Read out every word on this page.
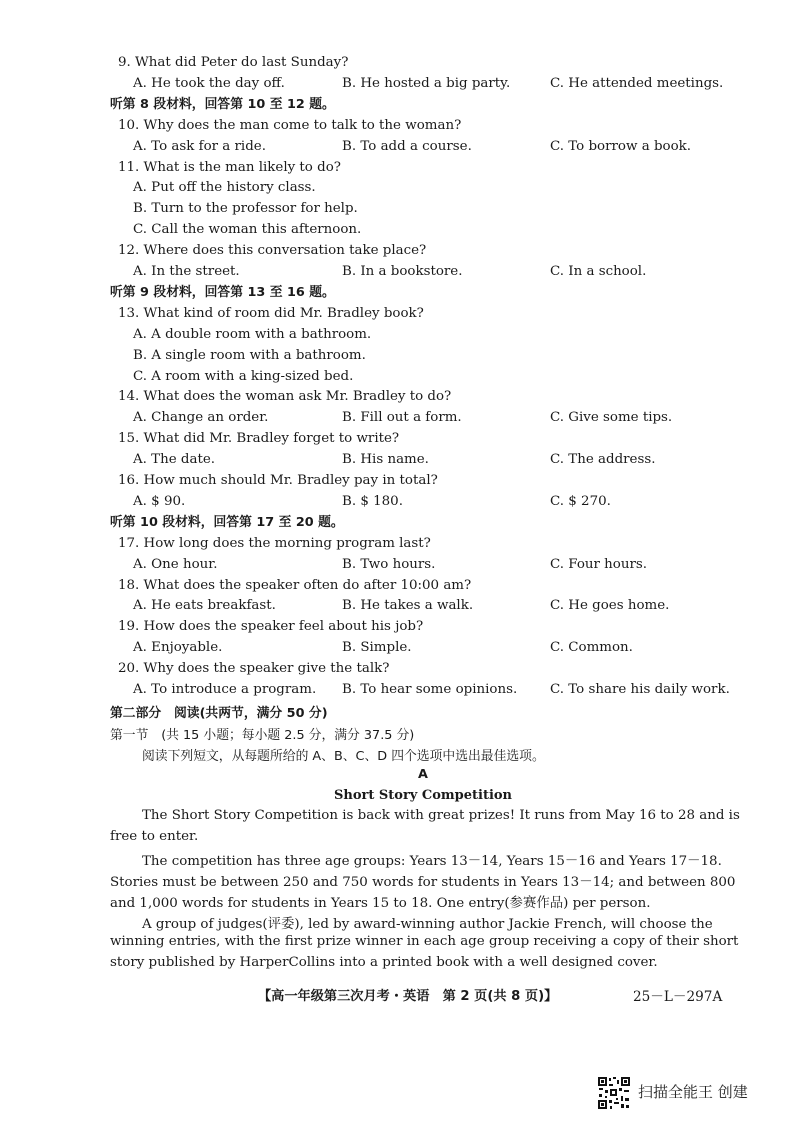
9. What did Peter do last Sunday?
A. He took the day off.	B. He hosted a big party.	C. He attended meetings.
听第 8 段材料，回答第 10 至 12 题。
10. Why does the man come to talk to the woman?
A. To ask for a ride.	B. To add a course.	C. To borrow a book.
11. What is the man likely to do?
A. Put off the history class.
B. Turn to the professor for help.
C. Call the woman this afternoon.
12. Where does this conversation take place?
A. In the street.	B. In a bookstore.	C. In a school.
听第 9 段材料，回答第 13 至 16 题。
13. What kind of room did Mr. Bradley book?
A. A double room with a bathroom.
B. A single room with a bathroom.
C. A room with a king-sized bed.
14. What does the woman ask Mr. Bradley to do?
A. Change an order.	B. Fill out a form.	C. Give some tips.
15. What did Mr. Bradley forget to write?
A. The date.	B. His name.	C. The address.
16. How much should Mr. Bradley pay in total?
A. $ 90.	B. $ 180.	C. $ 270.
听第 10 段材料，回答第 17 至 20 题。
17. How long does the morning program last?
A. One hour.	B. Two hours.	C. Four hours.
18. What does the speaker often do after 10:00 am?
A. He eats breakfast.	B. He takes a walk.	C. He goes home.
19. How does the speaker feel about his job?
A. Enjoyable.	B. Simple.	C. Common.
20. Why does the speaker give the talk?
A. To introduce a program. B. To hear some opinions. C. To share his daily work.
第二部分　阅读(共两节，满分 50 分)
第一节　(共 15 小题；每小题 2.5 分，满分 37.5 分)
阅读下列短文，从每题所给的 A、B、C、D 四个选项中选出最佳选项。
A
Short Story Competition
The Short Story Competition is back with great prizes! It runs from May 16 to 28 and is
free to enter.
The competition has three age groups: Years 13－14, Years 15－16 and Years 17－18.
Stories must be between 250 and 750 words for students in Years 13－14; and between 800
and 1,000 words for students in Years 15 to 18. One entry(参赛作品) per person.
A group of judges(评委), led by award-winning author Jackie French, will choose the
winning entries, with the first prize winner in each age group receiving a copy of their short
story published by HarperCollins into a printed book with a well designed cover.
【高一年级第三次月考・英语　第 2 页(共 8 页)】	25－L－297A
扫描全能王 创建
